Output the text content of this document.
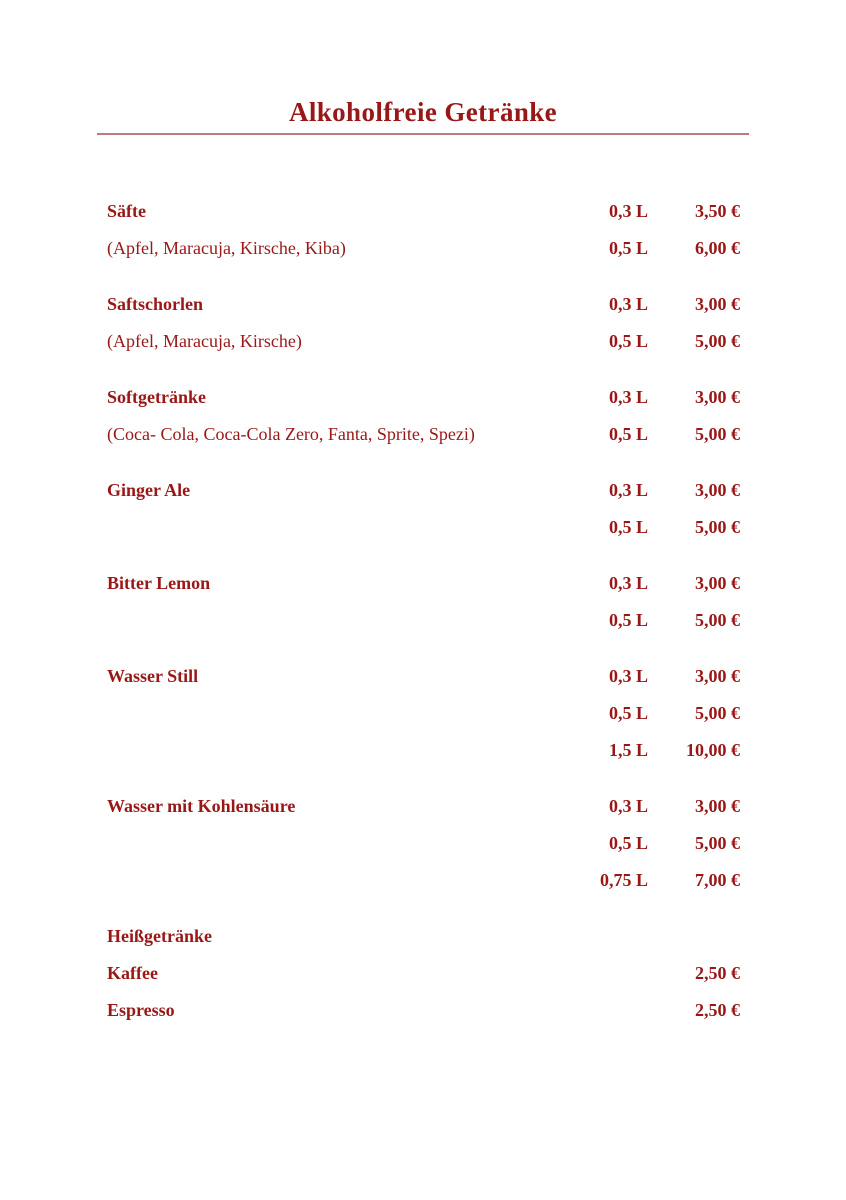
Alkoholfreie Getränke
Säfte	0,3 L	3,50 €
(Apfel, Maracuja, Kirsche, Kiba)	0,5 L	6,00 €
Saftschorlen	0,3 L	3,00 €
(Apfel, Maracuja, Kirsche)	0,5 L	5,00 €
Softgetränke	0,3 L	3,00 €
(Coca- Cola, Coca-Cola Zero, Fanta, Sprite, Spezi)	0,5 L	5,00 €
Ginger Ale	0,3 L	3,00 €
0,5 L	5,00 €
Bitter Lemon	0,3 L	3,00 €
0,5 L	5,00 €
Wasser Still	0,3 L	3,00 €
0,5 L	5,00 €
1,5 L	10,00 €
Wasser mit Kohlensäure	0,3 L	3,00 €
0,5 L	5,00 €
0,75 L	7,00 €
Heißgetränke
Kaffee	2,50 €
Espresso	2,50 €
